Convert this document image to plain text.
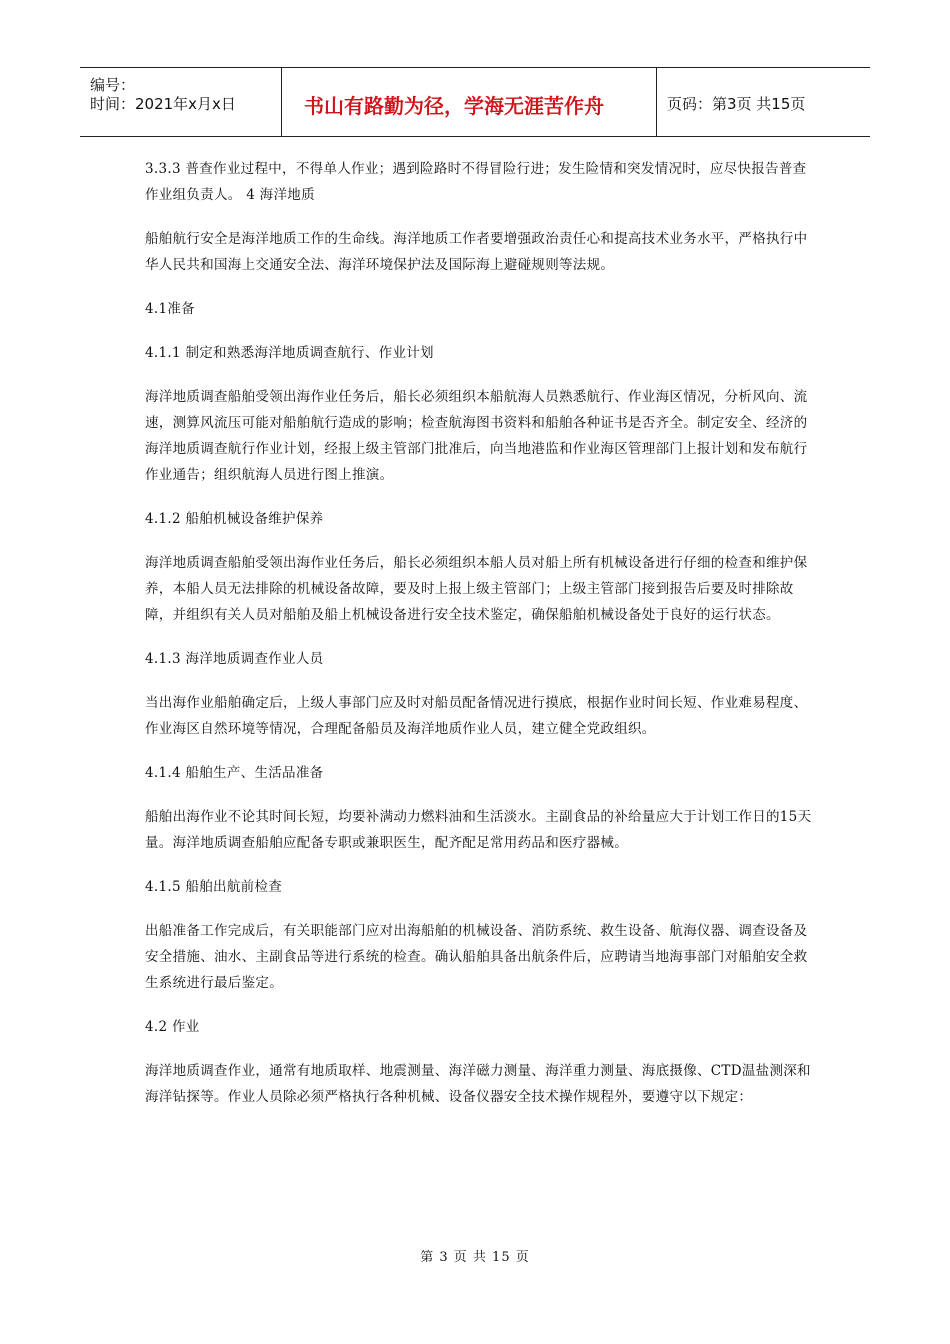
编号：
时间：2021年x月x日	书山有路勤为径，学海无涯苦作舟	页码：第3页 共15页

3.3.3 普查作业过程中，不得单人作业；遇到险路时不得冒险行进；发生险情和突发情况时，应尽快报告普查作业组负责人。 4 海洋地质

船舶航行安全是海洋地质工作的生命线。海洋地质工作者要增强政治责任心和提高技术业务水平，严格执行中华人民共和国海上交通安全法、海洋环境保护法及国际海上避碰规则等法规。

4.1准备

4.1.1 制定和熟悉海洋地质调查航行、作业计划

海洋地质调查船舶受领出海作业任务后，船长必须组织本船航海人员熟悉航行、作业海区情况，分析风向、流速，测算风流压可能对船舶航行造成的影响；检查航海图书资料和船舶各种证书是否齐全。制定安全、经济的海洋地质调查航行作业计划，经报上级主管部门批准后，向当地港监和作业海区管理部门上报计划和发布航行作业通告；组织航海人员进行图上推演。

4.1.2 船舶机械设备维护保养

海洋地质调查船舶受领出海作业任务后，船长必须组织本船人员对船上所有机械设备进行仔细的检查和维护保养，本船人员无法排除的机械设备故障，要及时上报上级主管部门；上级主管部门接到报告后要及时排除故障，并组织有关人员对船舶及船上机械设备进行安全技术鉴定，确保船舶机械设备处于良好的运行状态。

4.1.3 海洋地质调查作业人员

当出海作业船舶确定后，上级人事部门应及时对船员配备情况进行摸底，根据作业时间长短、作业难易程度、作业海区自然环境等情况，合理配备船员及海洋地质作业人员，建立健全党政组织。

4.1.4 船舶生产、生活品准备

船舶出海作业不论其时间长短，均要补满动力燃料油和生活淡水。主副食品的补给量应大于计划工作日的15天量。海洋地质调查船舶应配备专职或兼职医生，配齐配足常用药品和医疗器械。

4.1.5 船舶出航前检查

出船准备工作完成后，有关职能部门应对出海船舶的机械设备、消防系统、救生设备、航海仪器、调查设备及安全措施、油水、主副食品等进行系统的检查。确认船舶具备出航条件后，应聘请当地海事部门对船舶安全救生系统进行最后鉴定。

4.2 作业

海洋地质调查作业，通常有地质取样、地震测量、海洋磁力测量、海洋重力测量、海底摄像、CTD温盐测深和海洋钻探等。作业人员除必须严格执行各种机械、设备仪器安全技术操作规程外，要遵守以下规定：

第 3 页 共 15 页
